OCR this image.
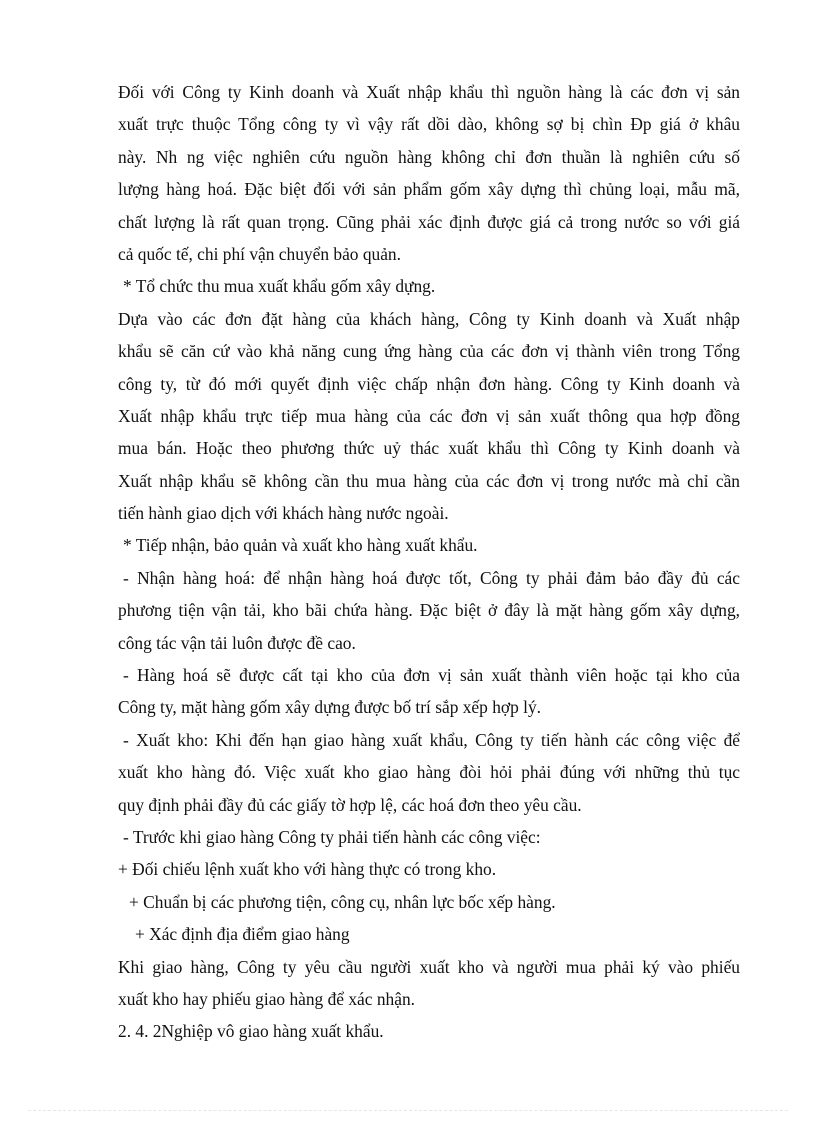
Đối với Công ty Kinh doanh và Xuất nhập khẩu thì nguồn hàng là các đơn vị sản
xuất trực thuộc Tổng công ty vì vậy rất dồi dào, không sợ bị chìn Đp giá ở khâu
này. Nh ng việc nghiên cứu nguồn hàng không chỉ đơn thuần là nghiên cứu số
lượng hàng hoá. Đặc biệt đối với sản phẩm gốm xây dựng thì chủng loại, mẫu mã,
chất lượng là rất quan trọng. Cũng phải xác định được giá cả trong nước so với giá
cả quốc tế, chi phí vận chuyển bảo quản.
* Tổ chức thu mua xuất khẩu gốm xây dựng.
Dựa vào các đơn đặt hàng của khách hàng, Công ty Kinh doanh và Xuất nhập
khẩu sẽ căn cứ vào khả năng cung ứng hàng của các đơn vị thành viên trong Tổng
công ty, từ đó mới quyết định việc chấp nhận đơn hàng. Công ty Kinh doanh và
Xuất nhập khẩu trực tiếp mua hàng của các đơn vị sản xuất thông qua hợp đồng
mua bán. Hoặc theo phương thức uỷ thác xuất khẩu thì Công ty Kinh doanh và
Xuất nhập khẩu sẽ không cần thu mua hàng của các đơn vị trong nước mà chỉ cần
tiến hành giao dịch với khách hàng nước ngoài.
* Tiếp nhận, bảo quản và xuất kho hàng xuất khẩu.
- Nhận hàng hoá: để nhận hàng hoá được tốt, Công ty phải đảm bảo đầy đủ các
phương tiện vận tải, kho bãi chứa hàng. Đặc biệt ở đây là mặt hàng gốm xây dựng,
công tác vận tải luôn được đề cao.
- Hàng hoá sẽ được cất tại kho của đơn vị sản xuất thành viên hoặc tại kho của
Công ty, mặt hàng gốm xây dựng được bố trí sắp xếp hợp lý.
- Xuất kho: Khi đến hạn giao hàng xuất khẩu, Công ty tiến hành các công việc để
xuất kho hàng đó. Việc xuất kho giao hàng đòi hỏi phải đúng với những thủ tục
quy định phải đầy đủ các giấy tờ hợp lệ, các hoá đơn theo yêu cầu.
- Trước khi giao hàng Công ty phải tiến hành các công việc:
+ Đối chiếu lệnh xuất kho với hàng thực có trong kho.
+ Chuẩn bị các phương tiện, công cụ, nhân lực bốc xếp hàng.
+ Xác định địa điểm giao hàng
Khi giao hàng, Công ty yêu cầu người xuất kho và người mua phải ký vào phiếu
xuất kho hay phiếu giao hàng để xác nhận.
2. 4. 2Nghiệp vô giao hàng xuất khẩu.
